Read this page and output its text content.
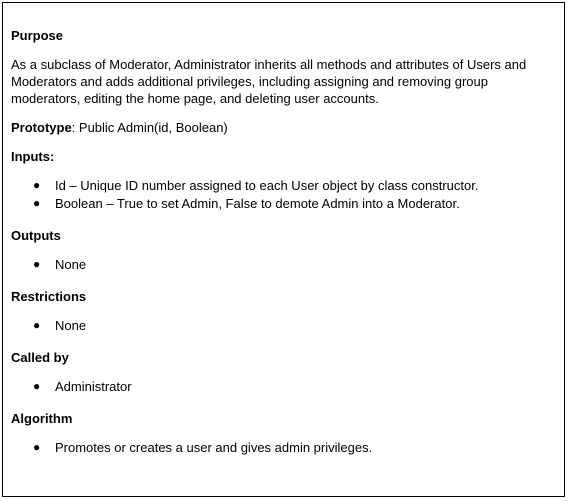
Purpose

As a subclass of Moderator, Administrator inherits all methods and attributes of Users and Moderators and adds additional privileges, including assigning and removing group moderators, editing the home page, and deleting user accounts.

Prototype: Public Admin(id, Boolean)

Inputs:

● Id – Unique ID number assigned to each User object by class constructor.
● Boolean – True to set Admin, False to demote Admin into a Moderator.

Outputs

● None

Restrictions

● None

Called by

● Administrator

Algorithm

● Promotes or creates a user and gives admin privileges.
